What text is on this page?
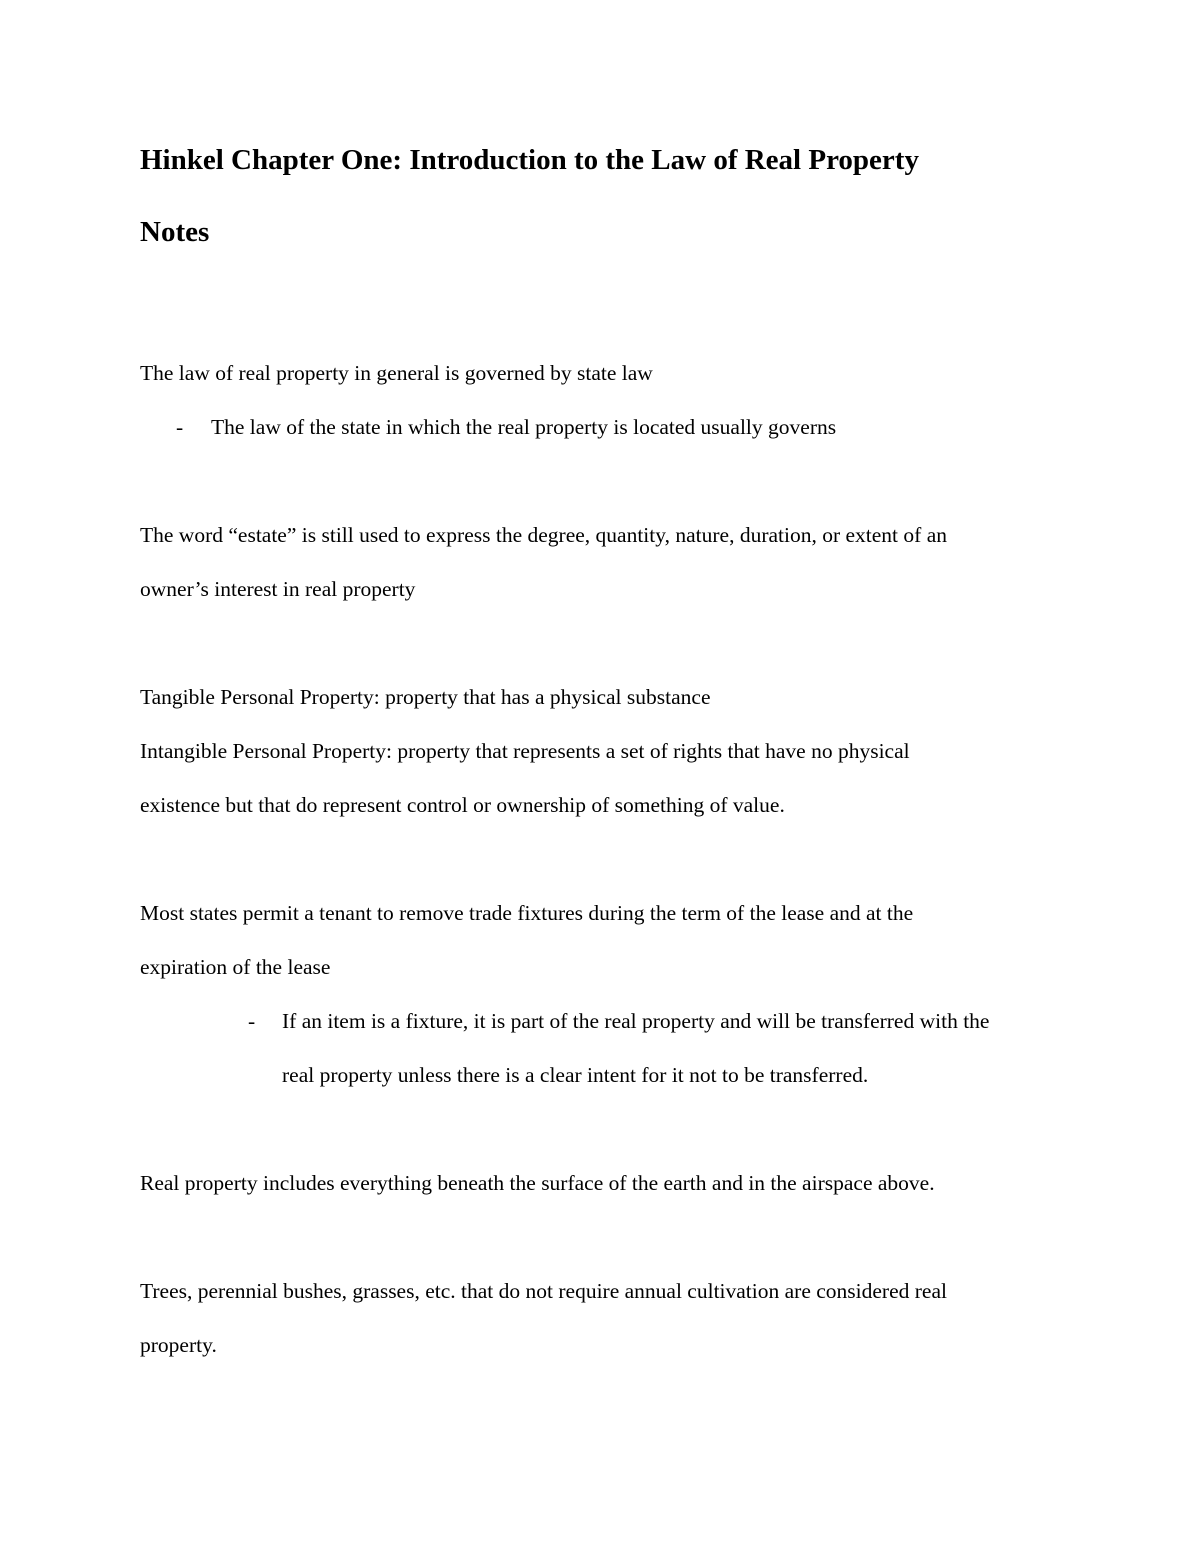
Hinkel Chapter One: Introduction to the Law of Real Property
Notes
The law of real property in general is governed by state law
- The law of the state in which the real property is located usually governs
The word “estate” is still used to express the degree, quantity, nature, duration, or extent of an
owner’s interest in real property
Tangible Personal Property: property that has a physical substance
Intangible Personal Property: property that represents a set of rights that have no physical
existence but that do represent control or ownership of something of value.
Most states permit a tenant to remove trade fixtures during the term of the lease and at the
expiration of the lease
- If an item is a fixture, it is part of the real property and will be transferred with the
real property unless there is a clear intent for it not to be transferred.
Real property includes everything beneath the surface of the earth and in the airspace above.
Trees, perennial bushes, grasses, etc. that do not require annual cultivation are considered real
property.
